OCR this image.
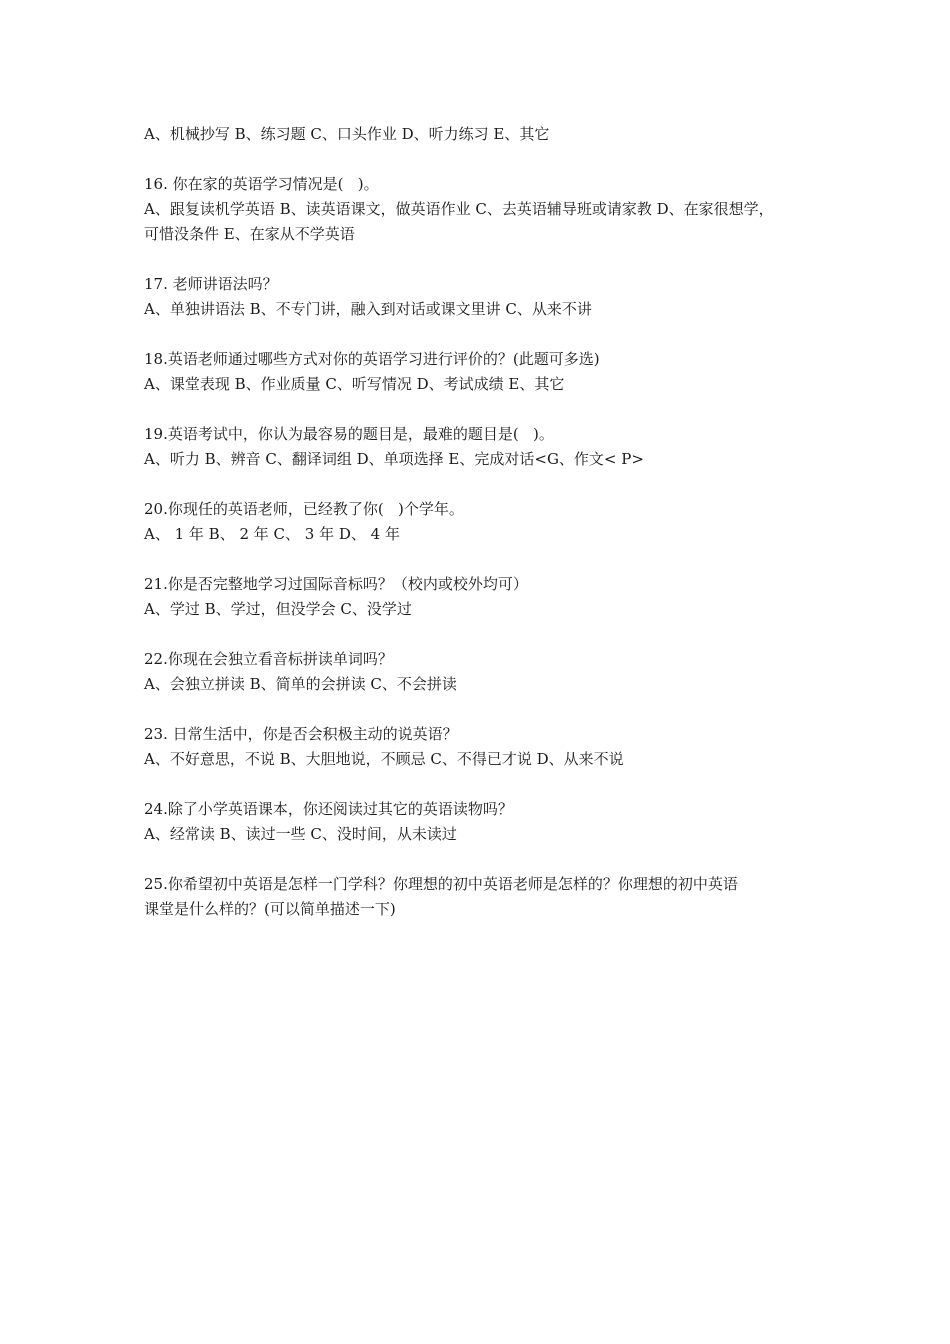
A、机械抄写 B、练习题 C、口头作业 D、听力练习 E、其它
16. 你在家的英语学习情况是(   )。
A、跟复读机学英语 B、读英语课文，做英语作业 C、去英语辅导班或请家教 D、在家很想学，
可惜没条件 E、在家从不学英语
17. 老师讲语法吗？
A、单独讲语法 B、不专门讲，融入到对话或课文里讲 C、从来不讲
18.英语老师通过哪些方式对你的英语学习进行评价的？(此题可多选)
A、课堂表现 B、作业质量 C、听写情况 D、考试成绩 E、其它
19.英语考试中，你认为最容易的题目是，最难的题目是(   )。
A、听力 B、辨音 C、翻译词组 D、单项选择 E、完成对话<G、作文< P>
20.你现任的英语老师，已经教了你(   )个学年。
A、 1 年 B、 2 年 C、 3 年 D、 4 年
21.你是否完整地学习过国际音标吗？（校内或校外均可）
A、学过 B、学过，但没学会 C、没学过
22.你现在会独立看音标拼读单词吗？
A、会独立拼读 B、简单的会拼读 C、不会拼读
23. 日常生活中，你是否会积极主动的说英语？
A、不好意思，不说 B、大胆地说，不顾忌 C、不得已才说 D、从来不说
24.除了小学英语课本，你还阅读过其它的英语读物吗？
A、经常读 B、读过一些 C、没时间，从未读过
25.你希望初中英语是怎样一门学科？你理想的初中英语老师是怎样的？你理想的初中英语
课堂是什么样的？(可以简单描述一下)
